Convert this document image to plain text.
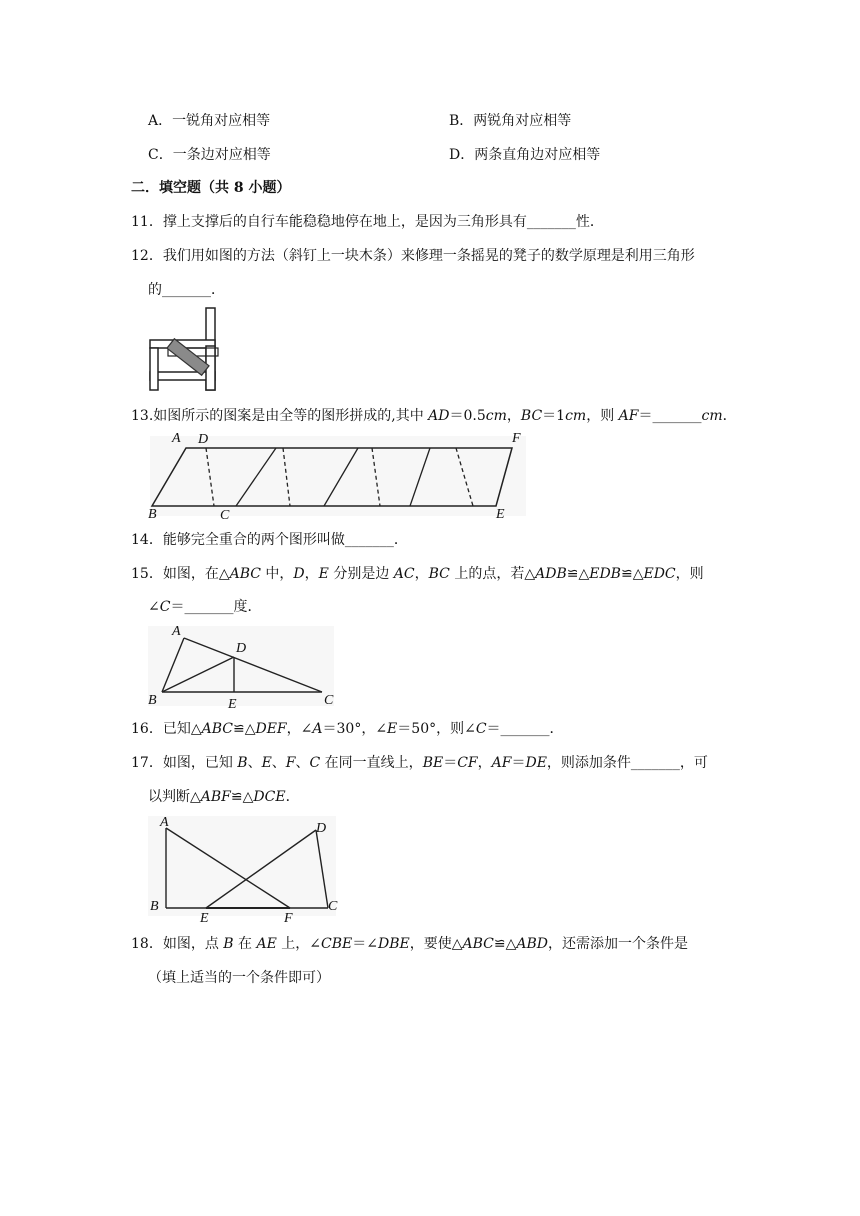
A．一锐角对应相等	B．两锐角对应相等
C．一条边对应相等	D．两条直角边对应相等
二．填空题（共 8 小题）
11．撑上支撑后的自行车能稳稳地停在地上，是因为三角形具有_______性．
12．我们用如图的方法（斜钉上一块木条）来修理一条摇晃的凳子的数学原理是利用三角形
的_______．
13.如图所示的图案是由全等的图形拼成的,其中 AD＝0.5cm，BC＝1cm，则 AF＝_______cm．
A D	F
B	C	E
14．能够完全重合的两个图形叫做_______．
15．如图，在△ABC 中，D，E 分别是边 AC，BC 上的点，若△ADB≌△EDB≌△EDC，则
∠C＝_______度．
A
D
B	E	C
16．已知△ABC≌△DEF，∠A＝30°，∠E＝50°，则∠C＝_______．
17．如图，已知 B、E、F、C 在同一直线上，BE＝CF，AF＝DE，则添加条件_______，可
以判断△ABF≌△DCE．
A	D
B
E	F
C
18．如图，点 B 在 AE 上，∠CBE＝∠DBE，要使△ABC≌△ABD，还需添加一个条件是
（填上适当的一个条件即可）
